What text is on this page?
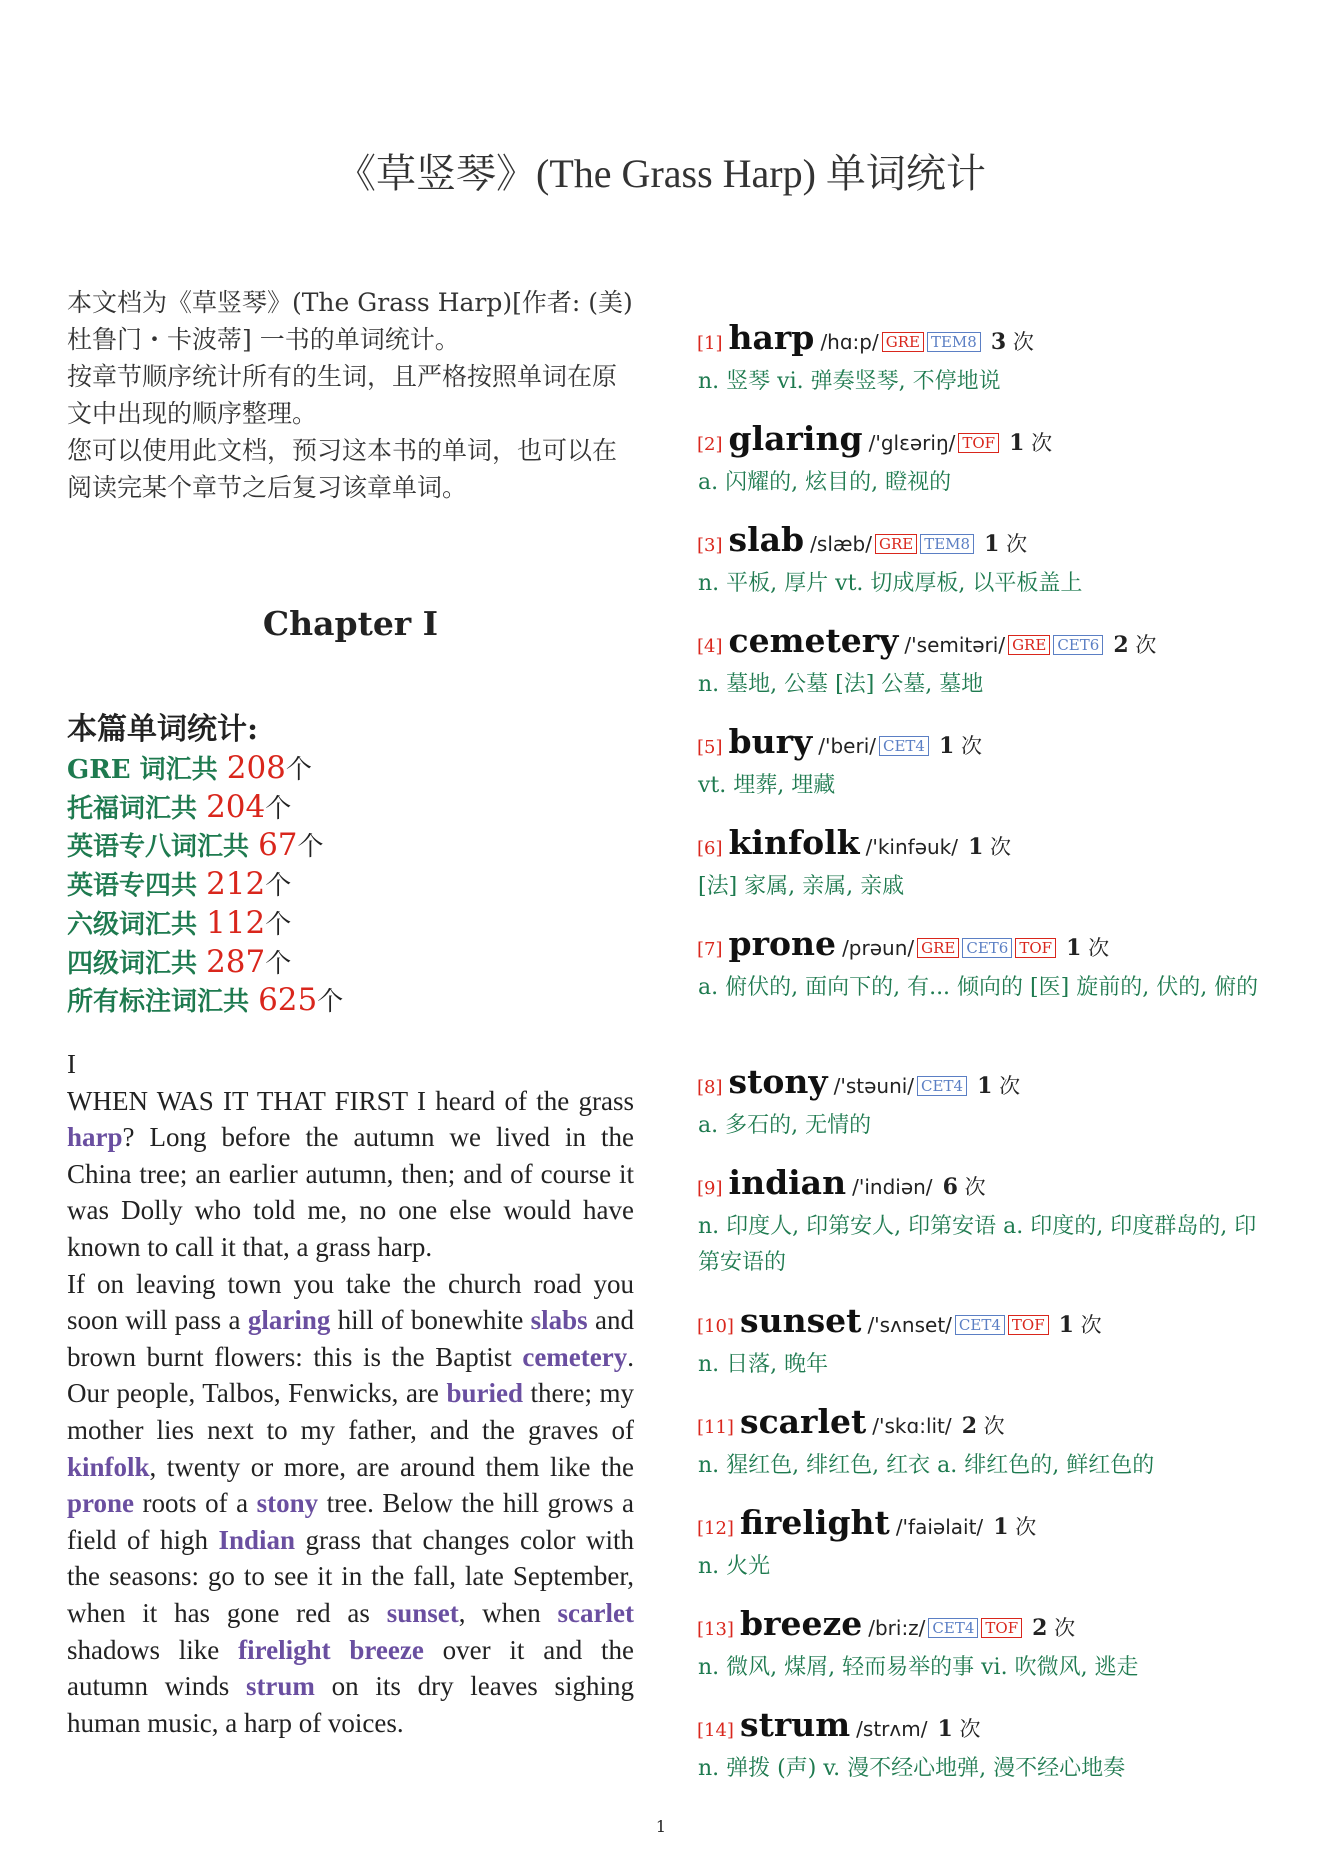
《草竖琴》(The Grass Harp) 单词统计

本文档为《草竖琴》(The Grass Harp)[作者: (美) 杜鲁门・卡波蒂] 一书的单词统计。

按章节顺序统计所有的生词，且严格按照单词在原文中出现的顺序整理。

您可以使用此文档，预习这本书的单词，也可以在阅读完某个章节之后复习该章单词。

Chapter I
本篇单词统计:
GRE 词汇共 208个
托福词汇共 204个
英语专八词汇共 67个
英语专四共 212个
六级词汇共 112个
四级词汇共 287个
所有标注词汇共 625个

I

WHEN WAS IT THAT FIRST I heard of the grass harp? Long before the autumn we lived in the China tree; an earlier autumn, then; and of course it was Dolly who told me, no one else would have known to call it that, a grass harp.

If on leaving town you take the church road you soon will pass a glaring hill of bonewhite slabs and brown burnt flowers: this is the Baptist cemetery. Our people, Talbos, Fenwicks, are buried there; my mother lies next to my father, and the graves of kinfolk, twenty or more, are around them like the prone roots of a stony tree. Below the hill grows a field of high Indian grass that changes color with the seasons: go to see it in the fall, late September, when it has gone red as sunset, when scarlet shadows like firelight breeze over it and the autumn winds strum on its dry leaves sighing human music, a harp of voices.

[1] harp /hɑ:p/ GRE TEM8 3 次
n. 竖琴 vi. 弹奏竖琴, 不停地说
[2] glaring /'glɛəriŋ/ TOF 1 次
a. 闪耀的, 炫目的, 瞪视的
[3] slab /slæb/ GRE TEM8 1 次
n. 平板, 厚片 vt. 切成厚板, 以平板盖上
[4] cemetery /'semitəri/ GRE CET6 2 次
n. 墓地, 公墓 [法] 公墓, 墓地
[5] bury /'beri/ CET4 1 次
vt. 埋葬, 埋藏
[6] kinfolk /'kinfəuk/ 1 次
[法] 家属, 亲属, 亲戚
[7] prone /prəun/ GRE CET6 TOF 1 次
a. 俯伏的, 面向下的, 有... 倾向的 [医] 旋前的, 伏的, 俯的
[8] stony /'stəuni/ CET4 1 次
a. 多石的, 无情的
[9] indian /'indiən/ 6 次
n. 印度人, 印第安人, 印第安语 a. 印度的, 印度群岛的, 印第安语的
[10] sunset /'sʌnset/ CET4 TOF 1 次
n. 日落, 晚年
[11] scarlet /'skɑ:lit/ 2 次
n. 猩红色, 绯红色, 红衣 a. 绯红色的, 鲜红色的
[12] firelight /'faiəlait/ 1 次
n. 火光
[13] breeze /bri:z/ CET4 TOF 2 次
n. 微风, 煤屑, 轻而易举的事 vi. 吹微风, 逃走
[14] strum /strʌm/ 1 次
n. 弹拨 (声) v. 漫不经心地弹, 漫不经心地奏
1
